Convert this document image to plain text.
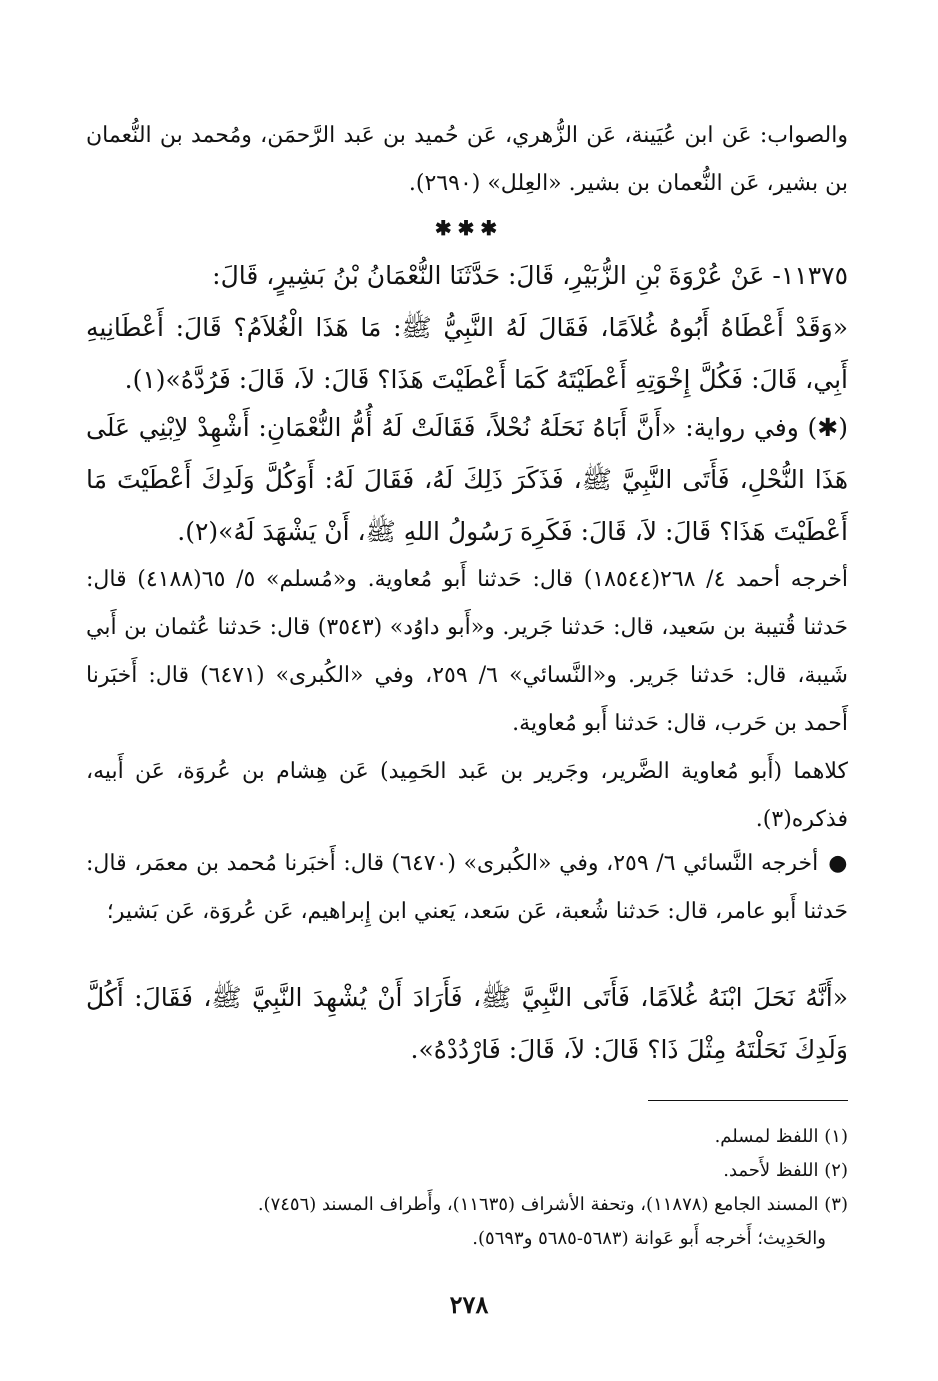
والصواب: عَن ابن عُيَينة، عَن الزُّهري، عَن حُميد بن عَبد الرَّحمَن، ومُحمد بن النُّعمان بن بشير، عَن النُّعمان بن بشير. «العِلل» (٢٦٩٠).
✱✱✱
١١٣٧٥- عَنْ عُرْوَةَ بْنِ الزُّبَيْرِ، قَالَ: حَدَّثَنَا النُّعْمَانُ بْنُ بَشِيرٍ، قَالَ:
«وَقَدْ أَعْطَاهُ أَبُوهُ غُلاَمًا، فَقَالَ لَهُ النَّبِيُّ ﷺ: مَا هَذَا الْغُلاَمُ؟ قَالَ: أَعْطَانِيهِ أَبِي، قَالَ: فَكُلَّ إِخْوَتِهِ أَعْطَيْتَهُ كَمَا أَعْطَيْتَ هَذَا؟ قَالَ: لاَ، قَالَ: فَرُدَّهُ»(١).
(✱) وفي رواية: «أَنَّ أَبَاهُ نَحَلَهُ نُحْلاً، فَقَالَتْ لَهُ أُمُّ النُّعْمَانِ: أَشْهِدْ لاِبْنِي عَلَى هَذَا النُّحْلِ، فَأَتَى النَّبِيَّ ﷺ، فَذَكَرَ ذَلِكَ لَهُ، فَقَالَ لَهُ: أَوَكُلَّ وَلَدِكَ أَعْطَيْتَ مَا أَعْطَيْتَ هَذَا؟ قَالَ: لاَ، قَالَ: فَكَرِهَ رَسُولُ اللهِ ﷺ، أَنْ يَشْهَدَ لَهُ»(٢).
أخرجه أحمد ٤/ ٢٦٨(١٨٥٤٤) قال: حَدثنا أَبو مُعاوية. و«مُسلم» ٥/ ٦٥(٤١٨٨) قال: حَدثنا قُتيبة بن سَعيد، قال: حَدثنا جَرير. و«أَبو داوُد» (٣٥٤٣) قال: حَدثنا عُثمان بن أَبي شَيبة، قال: حَدثنا جَرير. و«النَّسائي» ٦/ ٢٥٩، وفي «الكُبرى» (٦٤٧١) قال: أَخبَرنا أَحمد بن حَرب، قال: حَدثنا أَبو مُعاوية.
كلاهما (أَبو مُعاوية الضَّرير، وجَرير بن عَبد الحَمِيد) عَن هِشام بن عُروَة، عَن أَبيه، فذكره(٣).
●أخرجه النَّسائي ٦/ ٢٥٩، وفي «الكُبرى» (٦٤٧٠) قال: أَخبَرنا مُحمد بن معمَر، قال: حَدثنا أَبو عامر، قال: حَدثنا شُعبة، عَن سَعد، يَعني ابن إِبراهيم، عَن عُروَة، عَن بَشير؛
«أَنَّهُ نَحَلَ ابْنَهُ غُلاَمًا، فَأَتَى النَّبِيَّ ﷺ، فَأَرَادَ أَنْ يُشْهِدَ النَّبِيَّ ﷺ، فَقَالَ: أَكُلَّ وَلَدِكَ نَحَلْتَهُ مِثْلَ ذَا؟ قَالَ: لاَ، قَالَ: فَارْدُدْهُ».
(١) اللفظ لمسلم.
(٢) اللفظ لأَحمد.
(٣) المسند الجامع (١١٨٧٨)، وتحفة الأشراف (١١٦٣٥)، وأَطراف المسند (٧٤٥٦).
والحَدِيث؛ أَخرجه أَبو عَوانة (٥٦٨٣-٥٦٨٥ و٥٦٩٣).
٢٧٨
